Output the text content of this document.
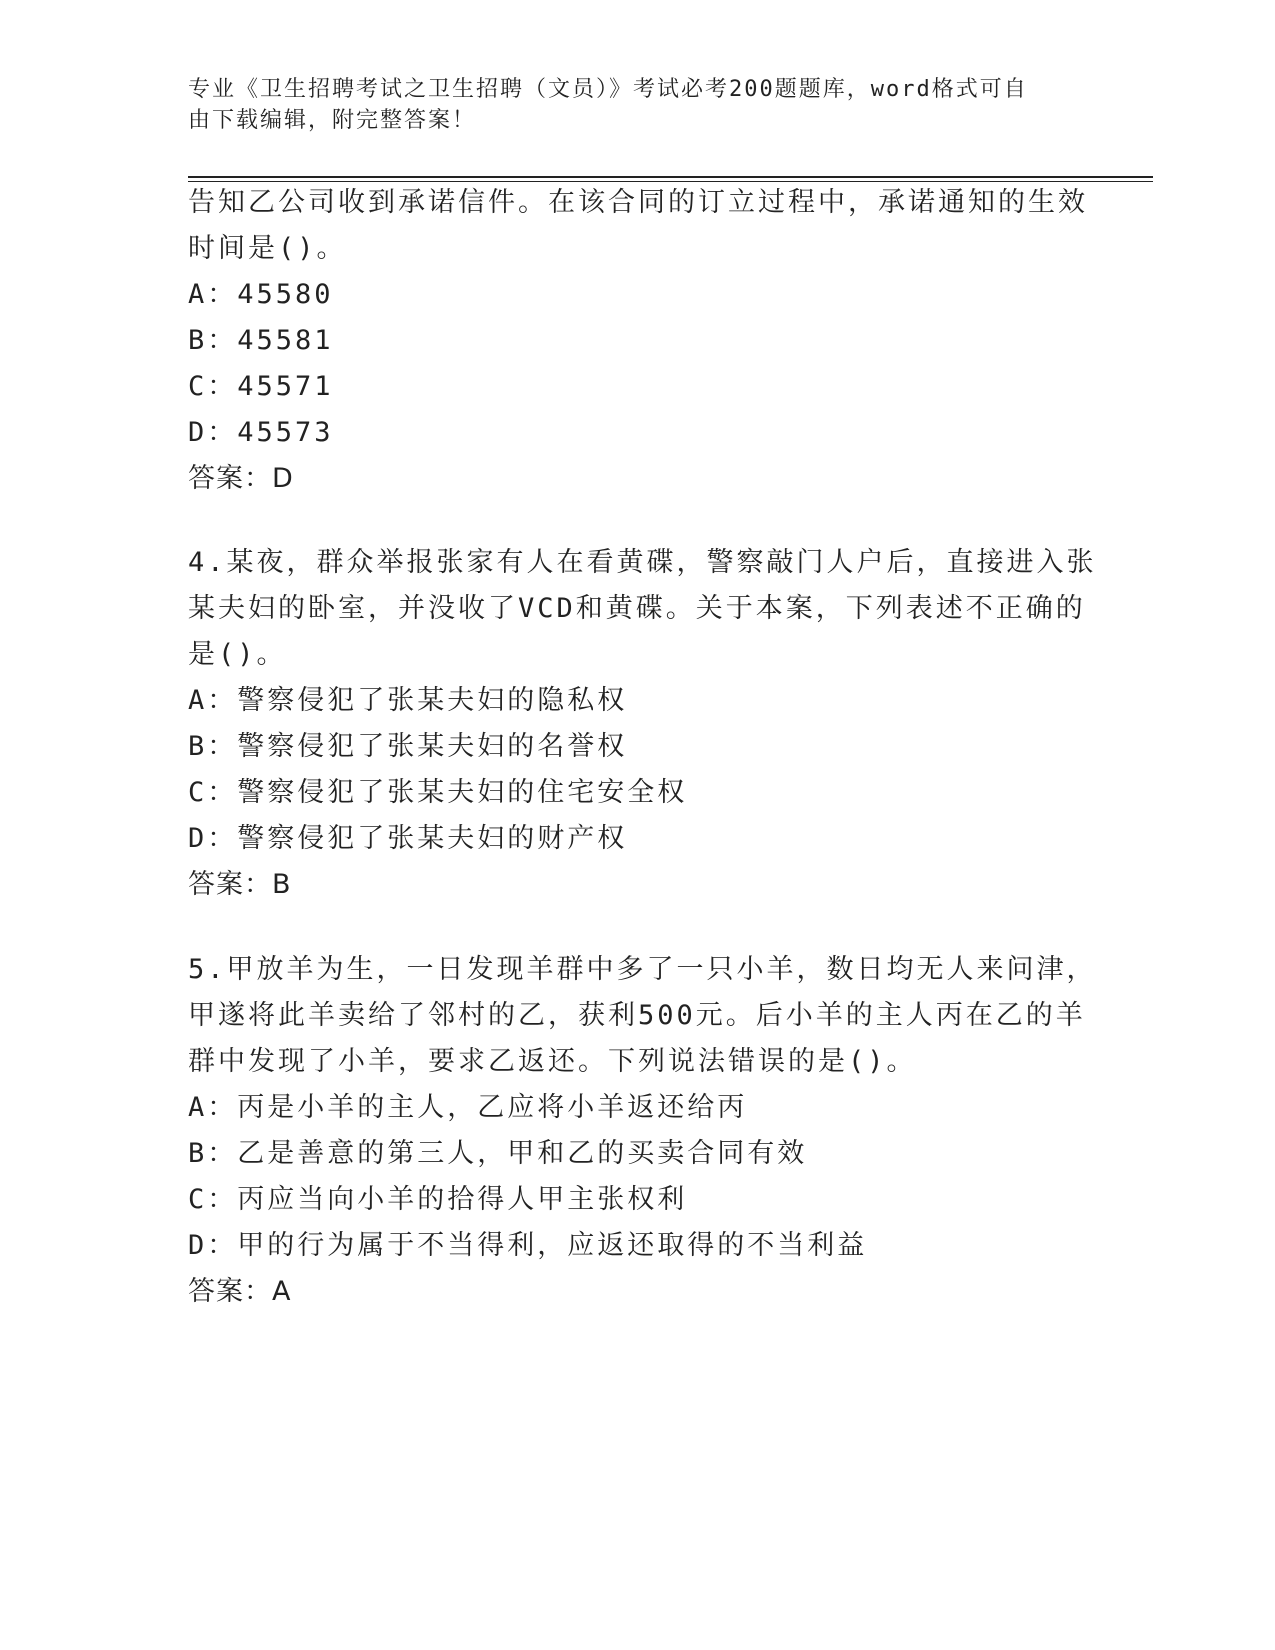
专业《卫生招聘考试之卫生招聘（文员）》考试必考200题题库，word格式可自
由下载编辑，附完整答案！
告知乙公司收到承诺信件。在该合同的订立过程中，承诺通知的生效
时间是()。
A：45580
B：45581
C：45571
D：45573
答案：D
4.某夜，群众举报张家有人在看黄碟，警察敲门人户后，直接进入张
某夫妇的卧室，并没收了VCD和黄碟。关于本案，下列表述不正确的
是()。
A：警察侵犯了张某夫妇的隐私权
B：警察侵犯了张某夫妇的名誉权
C：警察侵犯了张某夫妇的住宅安全权
D：警察侵犯了张某夫妇的财产权
答案：B
5.甲放羊为生，一日发现羊群中多了一只小羊，数日均无人来问津，
甲遂将此羊卖给了邻村的乙，获利500元。后小羊的主人丙在乙的羊
群中发现了小羊，要求乙返还。下列说法错误的是()。
A：丙是小羊的主人，乙应将小羊返还给丙
B：乙是善意的第三人，甲和乙的买卖合同有效
C：丙应当向小羊的拾得人甲主张权利
D：甲的行为属于不当得利，应返还取得的不当利益
答案：A
